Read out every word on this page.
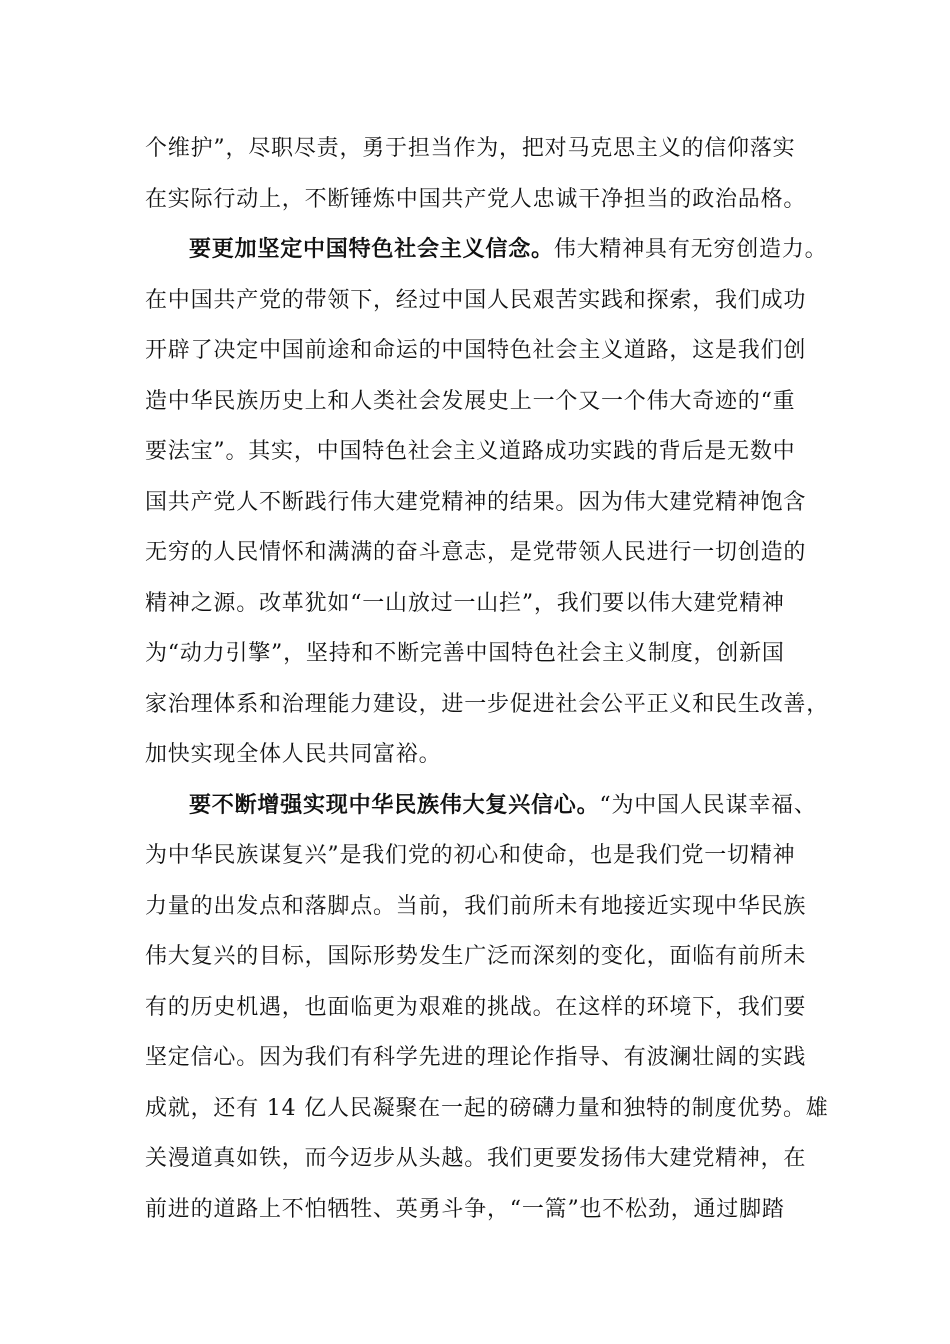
个维护”，尽职尽责，勇于担当作为，把对马克思主义的信仰落实
在实际行动上，不断锤炼中国共产党人忠诚干净担当的政治品格。
要更加坚定中国特色社会主义信念。伟大精神具有无穷创造力。
在中国共产党的带领下，经过中国人民艰苦实践和探索，我们成功
开辟了决定中国前途和命运的中国特色社会主义道路，这是我们创
造中华民族历史上和人类社会发展史上一个又一个伟大奇迹的“重
要法宝”。其实，中国特色社会主义道路成功实践的背后是无数中
国共产党人不断践行伟大建党精神的结果。因为伟大建党精神饱含
无穷的人民情怀和满满的奋斗意志，是党带领人民进行一切创造的
精神之源。改革犹如“一山放过一山拦”，我们要以伟大建党精神
为“动力引擎”，坚持和不断完善中国特色社会主义制度，创新国
家治理体系和治理能力建设，进一步促进社会公平正义和民生改善，
加快实现全体人民共同富裕。
要不断增强实现中华民族伟大复兴信心。“为中国人民谋幸福、
为中华民族谋复兴”是我们党的初心和使命，也是我们党一切精神
力量的出发点和落脚点。当前，我们前所未有地接近实现中华民族
伟大复兴的目标，国际形势发生广泛而深刻的变化，面临有前所未
有的历史机遇，也面临更为艰难的挑战。在这样的环境下，我们要
坚定信心。因为我们有科学先进的理论作指导、有波澜壮阔的实践
成就，还有 14 亿人民凝聚在一起的磅礴力量和独特的制度优势。雄
关漫道真如铁，而今迈步从头越。我们更要发扬伟大建党精神，在
前进的道路上不怕牺牲、英勇斗争，“一篙”也不松劲，通过脚踏
